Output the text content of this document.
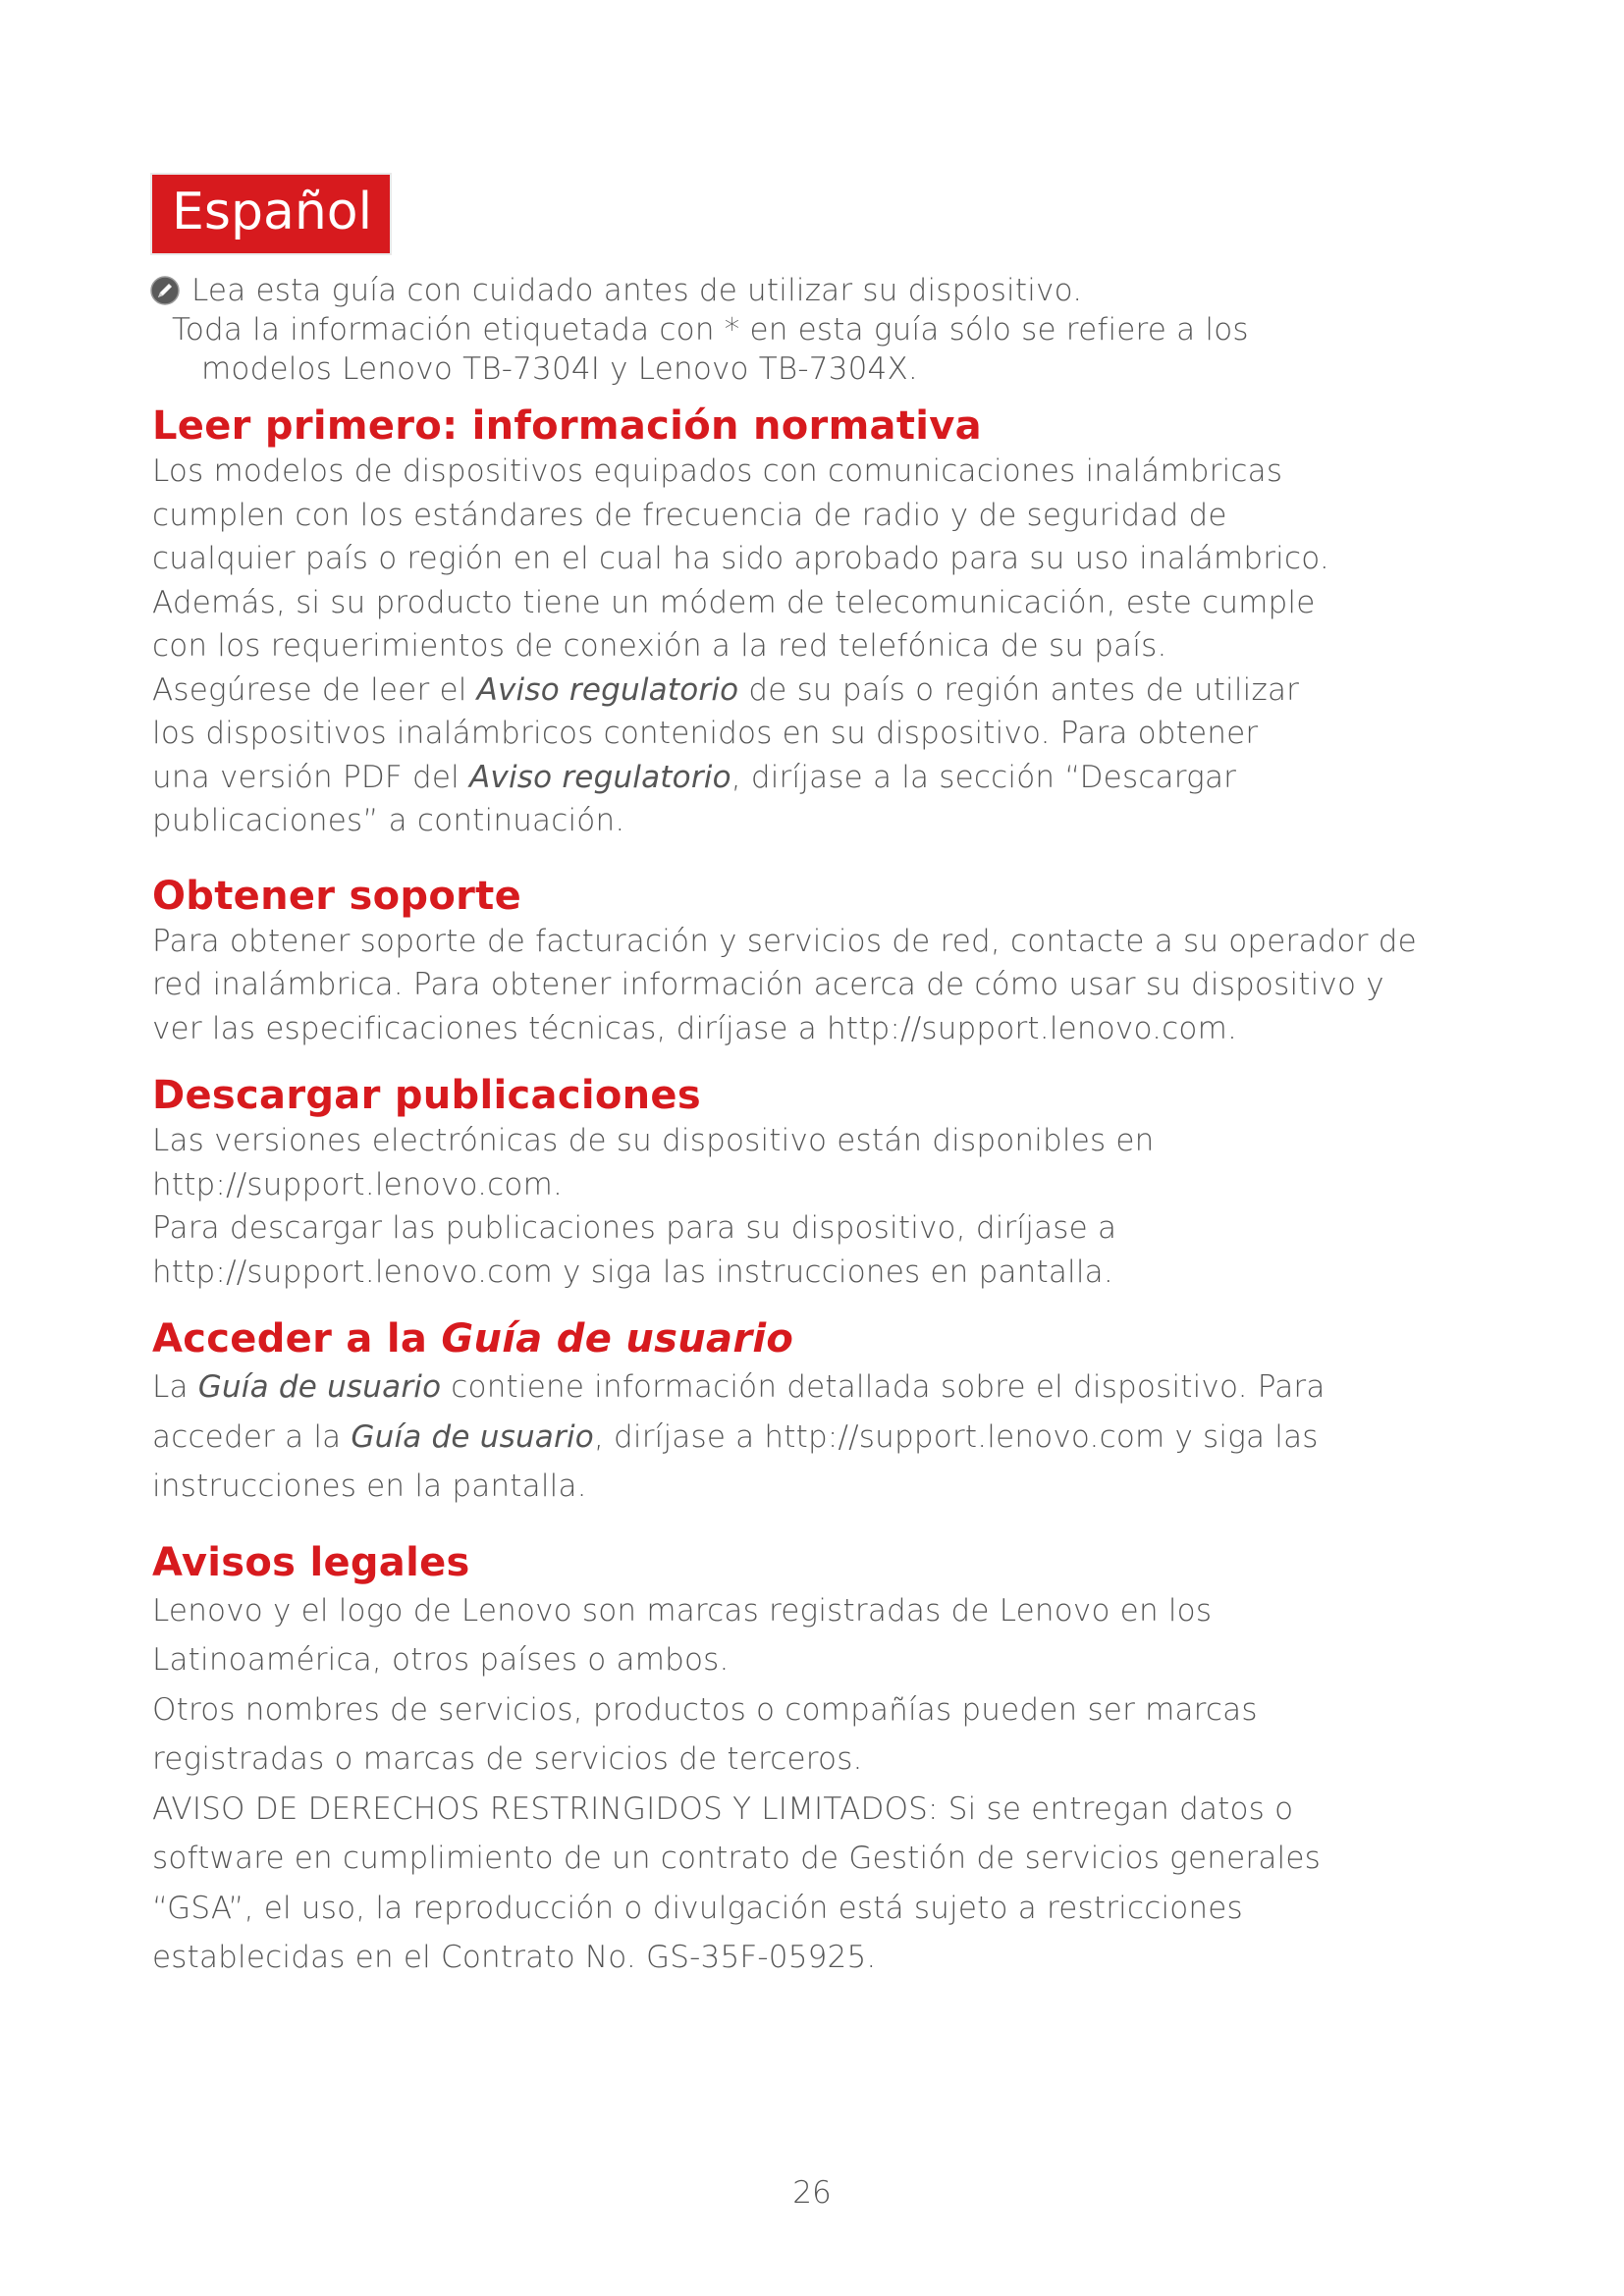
Español
Lea esta guía con cuidado antes de utilizar su dispositivo.
Toda la información etiquetada con * en esta guía sólo se refiere a los
modelos Lenovo TB-7304I y Lenovo TB-7304X.
Leer primero: información normativa

Los modelos de dispositivos equipados con comunicaciones inalámbricas

cumplen con los estándares de frecuencia de radio y de seguridad de

cualquier país o región en el cual ha sido aprobado para su uso inalámbrico.

Además, si su producto tiene un módem de telecomunicación, este cumple

con los requerimientos de conexión a la red telefónica de su país.

Asegúrese de leer el Aviso regulatorio de su país o región antes de utilizar

los dispositivos inalámbricos contenidos en su dispositivo. Para obtener

una versión PDF del Aviso regulatorio, diríjase a la sección “Descargar

publicaciones” a continuación.

Obtener soporte

Para obtener soporte de facturación y servicios de red, contacte a su operador de

red inalámbrica. Para obtener información acerca de cómo usar su dispositivo y

ver las especificaciones técnicas, diríjase a http://support.lenovo.com.

Descargar publicaciones

Las versiones electrónicas de su dispositivo están disponibles en

http://support.lenovo.com.

Para descargar las publicaciones para su dispositivo, diríjase a

http://support.lenovo.com y siga las instrucciones en pantalla.

Acceder a la Guía de usuario

La Guía de usuario contiene información detallada sobre el dispositivo. Para

acceder a la Guía de usuario, diríjase a http://support.lenovo.com y siga las

instrucciones en la pantalla.

Avisos legales

Lenovo y el logo de Lenovo son marcas registradas de Lenovo en los

Latinoamérica, otros países o ambos.

Otros nombres de servicios, productos o compañías pueden ser marcas

registradas o marcas de servicios de terceros.

AVISO DE DERECHOS RESTRINGIDOS Y LIMITADOS: Si se entregan datos o

software en cumplimiento de un contrato de Gestión de servicios generales

“GSA”, el uso, la reproducción o divulgación está sujeto a restricciones

establecidas en el Contrato No. GS-35F-05925.

26
